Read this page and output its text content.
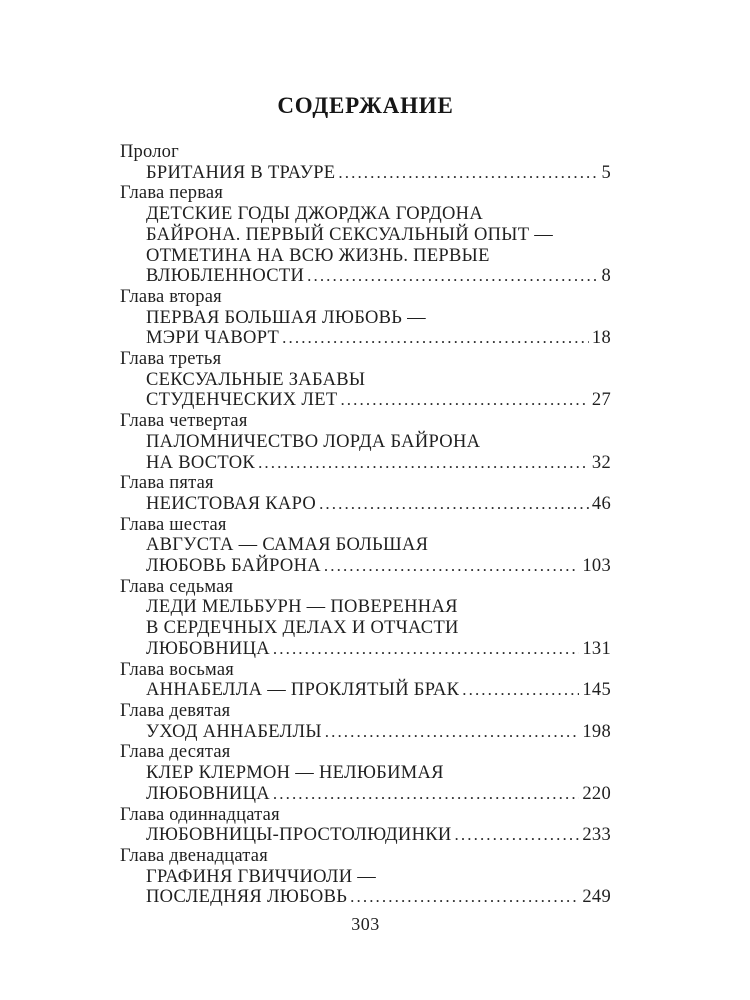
СОДЕРЖАНИЕ
Пролог
БРИТАНИЯ В ТРАУРЕ .....	5
Глава первая
ДЕТСКИЕ ГОДЫ ДЖОРДЖА ГОРДОНА
БАЙРОНА. ПЕРВЫЙ СЕКСУАЛЬНЫЙ ОПЫТ —
ОТМЕТИНА НА ВСЮ ЖИЗНЬ. ПЕРВЫЕ
ВЛЮБЛЕННОСТИ .....	8
Глава вторая
ПЕРВАЯ БОЛЬШАЯ ЛЮБОВЬ —
МЭРИ ЧАВОРТ .....	18
Глава третья
СЕКСУАЛЬНЫЕ ЗАБАВЫ
СТУДЕНЧЕСКИХ ЛЕТ .....	27
Глава четвертая
ПАЛОМНИЧЕСТВО ЛОРДА БАЙРОНА
НА ВОСТОК .....	32
Глава пятая
НЕИСТОВАЯ КАРО .....	46
Глава шестая
АВГУСТА — САМАЯ БОЛЬШАЯ
ЛЮБОВЬ БАЙРОНА .....	103
Глава седьмая
ЛЕДИ МЕЛЬБУРН — ПОВЕРЕННАЯ
В СЕРДЕЧНЫХ ДЕЛАХ И ОТЧАСТИ
ЛЮБОВНИЦА .....	131
Глава восьмая
АННАБЕЛЛА — ПРОКЛЯТЫЙ БРАК .....	145
Глава девятая
УХОД АННАБЕЛЛЫ .....	198
Глава десятая
КЛЕР КЛЕРМОН — НЕЛЮБИМАЯ
ЛЮБОВНИЦА .....	220
Глава одиннадцатая
ЛЮБОВНИЦЫ-ПРОСТОЛЮДИНКИ .....	233
Глава двенадцатая
ГРАФИНЯ ГВИЧЧИОЛИ —
ПОСЛЕДНЯЯ ЛЮБОВЬ .....	249
303
